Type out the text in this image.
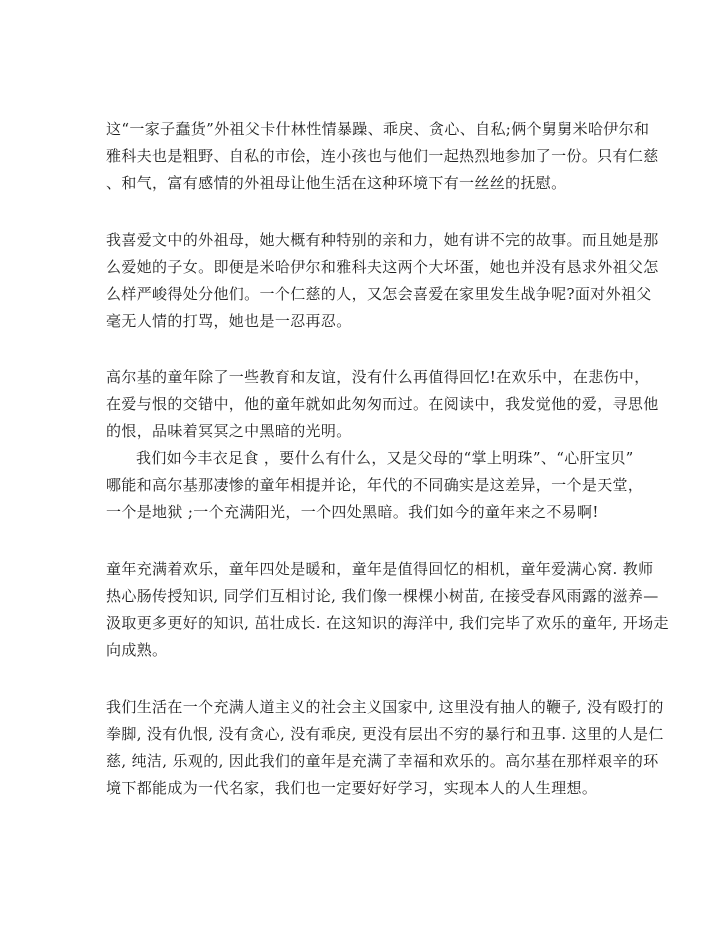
这“一家子蠢货”外祖父卡什林性情暴躁、乖戾、贪心、自私;俩个舅舅米哈伊尔和
雅科夫也是粗野、自私的市侩，连小孩也与他们一起热烈地参加了一份。只有仁慈
、和气，富有感情的外祖母让他生活在这种环境下有一丝丝的抚慰。
我喜爱文中的外祖母，她大概有种特别的亲和力，她有讲不完的故事。而且她是那
么爱她的子女。即便是米哈伊尔和雅科夫这两个大坏蛋，她也并没有恳求外祖父怎
么样严峻得处分他们。一个仁慈的人，又怎会喜爱在家里发生战争呢?面对外祖父
毫无人情的打骂，她也是一忍再忍。
高尔基的童年除了一些教育和友谊，没有什么再值得回忆!在欢乐中，在悲伤中，
在爱与恨的交错中，他的童年就如此匆匆而过。在阅读中，我发觉他的爱，寻思他
的恨，品味着冥冥之中黑暗的光明。
我们如今丰衣足食 ，要什么有什么，又是父母的“掌上明珠”、“心肝宝贝”
哪能和高尔基那凄惨的童年相提并论，年代的不同确实是这差异，一个是天堂，
一个是地狱 ;一个充满阳光，一个四处黑暗。我们如今的童年来之不易啊!
童年充满着欢乐，童年四处是暖和，童年是值得回忆的相机，童年爱满心窝. 教师
热心肠传授知识, 同学们互相讨论, 我们像一棵棵小树苗, 在接受春风雨露的滋养—
汲取更多更好的知识, 茁壮成长. 在这知识的海洋中, 我们完毕了欢乐的童年, 开场走
向成熟。
我们生活在一个充满人道主义的社会主义国家中, 这里没有抽人的鞭子, 没有殴打的
拳脚, 没有仇恨, 没有贪心, 没有乖戾, 更没有层出不穷的暴行和丑事. 这里的人是仁
慈, 纯洁, 乐观的, 因此我们的童年是充满了幸福和欢乐的。高尔基在那样艰辛的环
境下都能成为一代名家，我们也一定要好好学习，实现本人的人生理想。
